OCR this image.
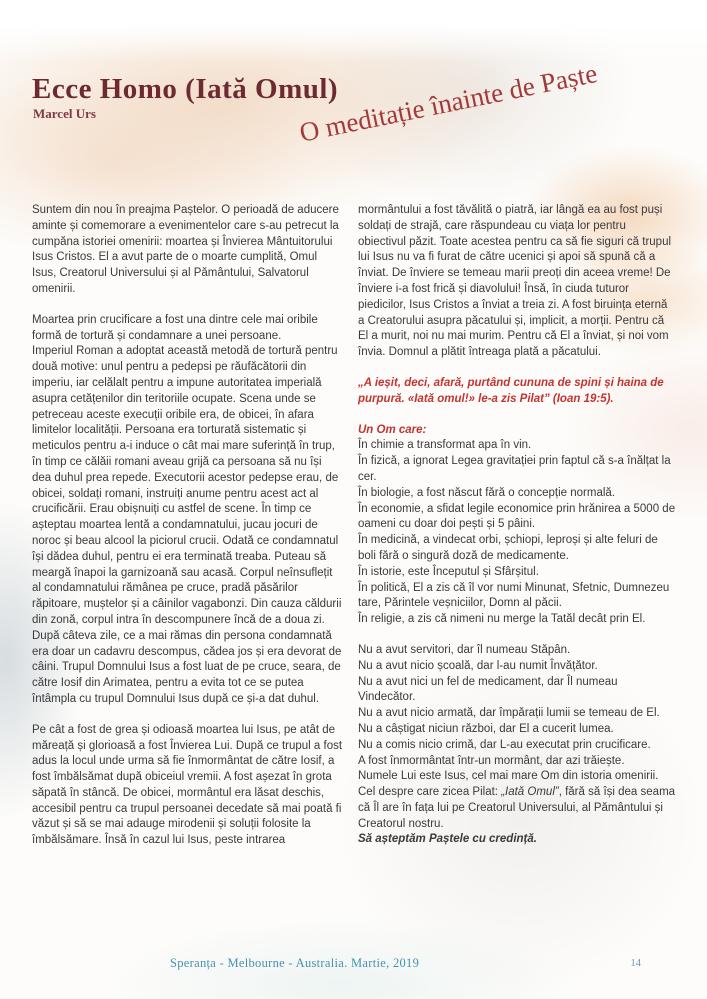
Ecce Homo (Iată Omul)
Marcel Urs	O meditație înainte de Paște

Suntem din nou în preajma Paștelor. O perioadă de aducere aminte și comemorare a evenimentelor care s-au petrecut la cumpăna istoriei omenirii: moartea și Învierea Mântuitorului Isus Cristos. El a avut parte de o moarte cumplită, Omul Isus, Creatorul Universului și al Pământului, Salvatorul omenirii.

Moartea prin crucificare a fost una dintre cele mai oribile formă de tortură și condamnare a unei persoane.

Imperiul Roman a adoptat această metodă de tortură pentru două motive: unul pentru a pedepsi pe răufăcătorii din imperiu, iar celălalt pentru a impune autoritatea imperială asupra cetățenilor din teritoriile ocupate. Scena unde se petreceau aceste execuții oribile era, de obicei, în afara limitelor localității. Persoana era torturată sistematic și meticulos pentru a-i induce o cât mai mare suferință în trup, în timp ce călăii romani aveau grijă ca persoana să nu își dea duhul prea repede. Executorii acestor pedepse erau, de obicei, soldați romani, instruiți anume pentru acest act al crucificării. Erau obișnuiți cu astfel de scene. În timp ce așteptau moartea lentă a condamnatului, jucau jocuri de noroc și beau alcool la piciorul crucii. Odată ce condamnatul își dădea duhul, pentru ei era terminată treaba. Puteau să meargă înapoi la garnizoană sau acasă. Corpul neînsuflețit al condamnatului rămânea pe cruce, pradă păsărilor răpitoare, muștelor și a câinilor vagabonzi. Din cauza căldurii din zonă, corpul intra în descompunere încă de a doua zi. După câteva zile, ce a mai rămas din persona condamnată era doar un cadavru descompus, cădea jos și era devorat de câini. Trupul Domnului Isus a fost luat de pe cruce, seara, de către Iosif din Arimatea, pentru a evita tot ce se putea întâmpla cu trupul Domnului Isus după ce și-a dat duhul.

Pe cât a fost de grea și odioasă moartea lui Isus, pe atât de măreață și glorioasă a fost Învierea Lui. După ce trupul a fost adus la locul unde urma să fie înmormântat de către Iosif, a fost îmbălsămat după obiceiul vremii. A fost așezat în grota săpată în stâncă. De obicei, mormântul era lăsat deschis, accesibil pentru ca trupul persoanei decedate să mai poată fi văzut și să se mai adauge mirodenii și soluții folosite la îmbălsămare. Însă în cazul lui Isus, peste intrarea

mormântului a fost tăvălită o piatră, iar lângă ea au fost puși soldați de strajă, care răspundeau cu viața lor pentru obiectivul păzit. Toate acestea pentru ca să fie siguri că trupul lui Isus nu va fi furat de către ucenici și apoi să spună că a înviat. De înviere se temeau marii preoți din aceea vreme! De înviere i-a fost frică și diavolului! Însă, în ciuda tuturor piedicilor, Isus Cristos a înviat a treia zi. A fost biruința eternă a Creatorului asupra păcatului și, implicit, a morții. Pentru că El a murit, noi nu mai murim. Pentru că El a înviat, și noi vom învia. Domnul a plătit întreaga plată a păcatului.

„A ieșit, deci, afară, purtând cununa de spini și haina de purpură. «Iată omul!» le-a zis Pilat” (Ioan 19:5).

Un Om care:

În chimie a transformat apa în vin.
În fizică, a ignorat Legea gravitației prin faptul că s-a înălțat la cer.
În biologie, a fost născut fără o concepție normală.
În economie, a sfidat legile economice prin hrănirea a 5000 de oameni cu doar doi pești și 5 pâini.
În medicină, a vindecat orbi, șchiopi, leproși și alte feluri de boli fără o singură doză de medicamente.
În istorie, este Începutul și Sfârșitul.
În politică, El a zis că îl vor numi Minunat, Sfetnic, Dumnezeu tare, Părintele veșniciilor, Domn al păcii.
În religie, a zis că nimeni nu merge la Tatăl decât prin El.
Nu a avut servitori, dar îl numeau Stăpân.
Nu a avut nicio școală, dar l-au numit Învățător.
Nu a avut nici un fel de medicament, dar Îl numeau Vindecător.
Nu a avut nicio armată, dar împărații lumii se temeau de El.
Nu a câștigat niciun război, dar El a cucerit lumea.
Nu a comis nicio crimă, dar L-au executat prin crucificare.
A fost înmormântat într-un mormânt, dar azi trăiește.
Numele Lui este Isus, cel mai mare Om din istoria omenirii. Cel despre care zicea Pilat: „Iată Omul”, fără să își dea seama că Îl are în fața lui pe Creatorul Universului, al Pământului și Creatorul nostru.
Să așteptăm Paștele cu credință.
Speranța - Melbourne - Australia. Martie, 2019	14
